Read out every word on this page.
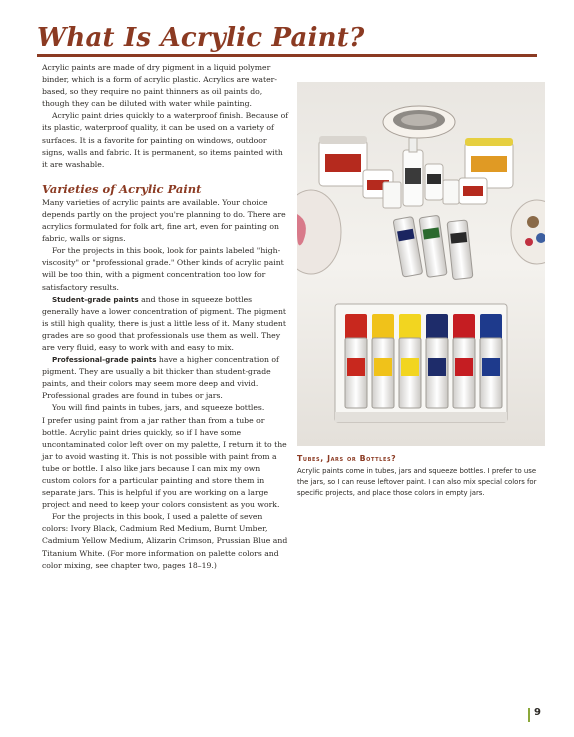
What Is Acrylic Paint?

Acrylic paints are made of dry pigment in a liquid polymer binder, which is a form of acrylic plastic. Acrylics are water-based, so they require no paint thinners as oil paints do, though they can be diluted with water while painting.

Acrylic paint dries quickly to a waterproof finish. Because of its plastic, waterproof quality, it can be used on a variety of surfaces. It is a favorite for painting on windows, outdoor signs, walls and fabric. It is permanent, so items painted with it are washable.

Varieties of Acrylic Paint

Many varieties of acrylic paints are available. Your choice depends partly on the project you're planning to do. There are acrylics formulated for folk art, fine art, even for painting on fabric, walls or signs.

For the projects in this book, look for paints labeled "high-viscosity" or "professional grade." Other kinds of acrylic paint will be too thin, with a pigment concentration too low for satisfactory results.

Student-grade paints and those in squeeze bottles generally have a lower concentration of pigment. The pigment is still high quality, there is just a little less of it. Many student grades are so good that professionals use them as well. They are very fluid, easy to work with and easy to mix.

Professional-grade paints have a higher concentration of pigment. They are usually a bit thicker than student-grade paints, and their colors may seem more deep and vivid. Professional grades are found in tubes or jars.

You will find paints in tubes, jars, and squeeze bottles.

I prefer using paint from a jar rather than from a tube or bottle. Acrylic paint dries quickly, so if I have some uncontaminated color left over on my palette, I return it to the jar to avoid wasting it. This is not possible with paint from a tube or bottle. I also like jars because I can mix my own custom colors for a particular painting and store them in separate jars. This is helpful if you are working on a large project and need to keep your colors consistent as you work.

For the projects in this book, I used a palette of seven colors: Ivory Black, Cadmium Red Medium, Burnt Umber, Cadmium Yellow Medium, Alizarin Crimson, Prussian Blue and Titanium White. (For more information on palette colors and color mixing, see chapter two, pages 18–19.)

Tubes, Jars or Bottles?

Acrylic paints come in tubes, jars and squeeze bottles. I prefer to use the jars, so I can reuse leftover paint. I can also mix special colors for specific projects, and place those colors in empty jars.

9
